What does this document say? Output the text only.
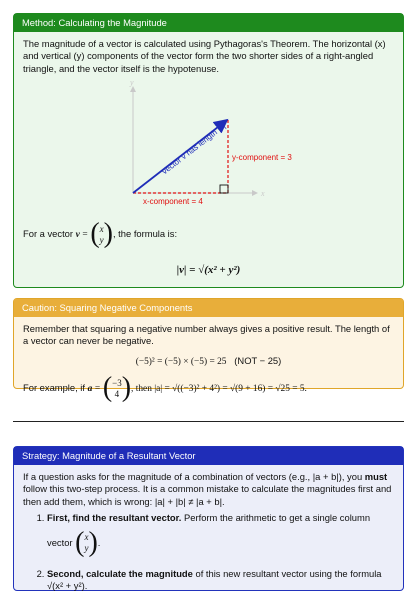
Method: Calculating the Magnitude

The magnitude of a vector is calculated using Pythagoras's Theorem. The horizontal (x) and vertical (y) components of the vector form the two shorter sides of a right-angled triangle, and the vector itself is the hypotenuse.

y
x
Vector v has length |v| y-component = 3
x-component = 4

For a vector v = (x
y), the formula is:

|v| = √(x² + y²)

Caution: Squaring Negative Components

Remember that squaring a negative number always gives a positive result. The length of a vector can never be negative.

(−5)² = (−5) × (−5) = 25 (NOT − 25)

For example, if a = (−3
4), then |a| = √((−3)² + 4²) = √(9 + 16) = √25 = 5.

Strategy: Magnitude of a Resultant Vector

If a question asks for the magnitude of a combination of vectors (e.g., |a + b|), you must follow this two-step process. It is a common mistake to calculate the magnitudes first and then add them, which is wrong: |a| + |b| ≠ |a + b|.

1. First, find the resultant vector. Perform the arithmetic to get a single column vector (x
y).
2. Second, calculate the magnitude of this new resultant vector using the formula √(x² + y²).
